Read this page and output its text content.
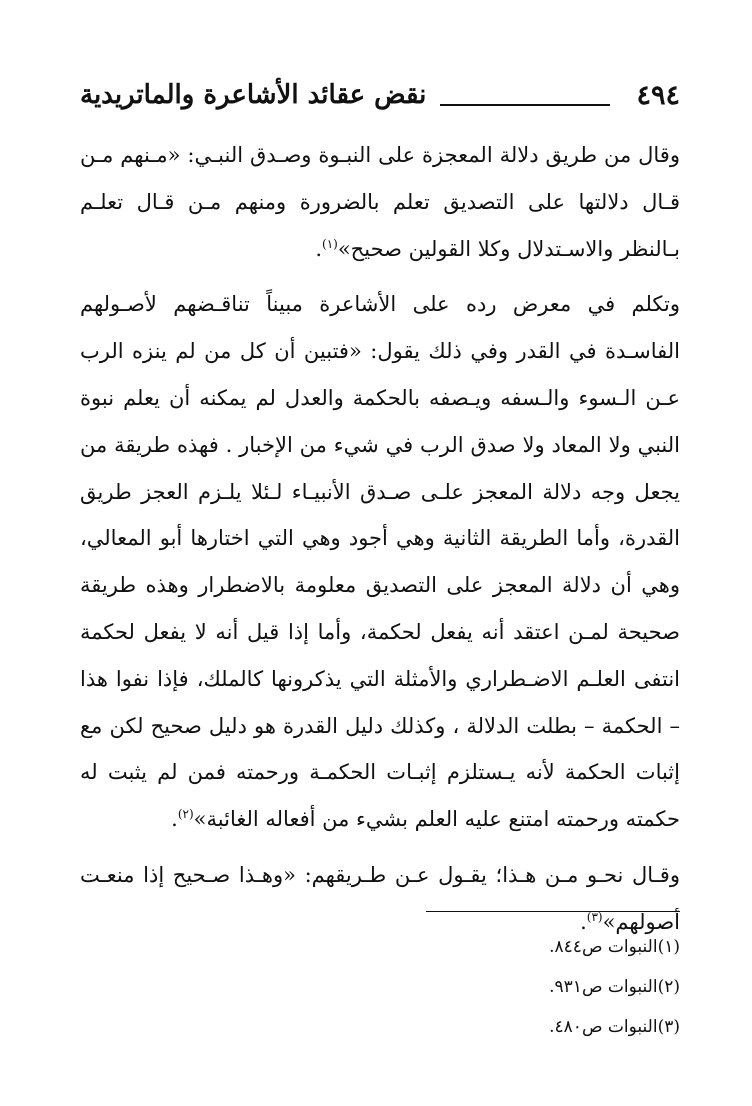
٤٩٤
نقض عقائد الأشاعرة والماتريدية

وقال من طريق دلالة المعجزة على النبـوة وصـدق النبـي: «مـنهم مـن قـال دلالتها على التصديق تعلم بالضرورة ومنهم مـن قـال تعلـم بـالنظر والاسـتدلال وكلا القولين صحيح»$^{(١)}$.

وتكلم في معرض رده على الأشاعرة مبيناً تناقـضهم لأصـولهم الفاسـدة في القدر وفي ذلك يقول: «فتبين أن كل من لم ينزه الرب عـن الـسوء والـسفه ويـصفه بالحكمة والعدل لم يمكنه أن يعلم نبوة النبي ولا المعاد ولا صدق الرب في شيء من الإخبار . فهذه طريقة من يجعل وجه دلالة المعجز علـى صـدق الأنبيـاء لـئلا يلـزم العجز طريق القدرة، وأما الطريقة الثانية وهي أجود وهي التي اختارها أبو المعالي، وهي أن دلالة المعجز على التصديق معلومة بالاضطرار وهذه طريقة صحيحة لمـن اعتقد أنه يفعل لحكمة، وأما إذا قيل أنه لا يفعل لحكمة انتفى العلـم الاضـطراري والأمثلة التي يذكرونها كالملك، فإذا نفوا هذا – الحكمة – بطلت الدلالة ، وكذلك دليل القدرة هو دليل صحيح لكن مع إثبات الحكمة لأنه يـستلزم إثبـات الحكمـة ورحمته فمن لم يثبت له حكمته ورحمته امتنع عليه العلم بشيء من أفعاله الغائبة»$^{(٢)}$.

وقـال نحـو مـن هـذا؛ يقـول عـن طـريقهم: «وهـذا صـحيح إذا منعـت أصولهم»$^{(٣)}$.

(١)النبوات ص٨٤٤.
(٢)النبوات ص٩٣١.
(٣)النبوات ص٤٨٠.
